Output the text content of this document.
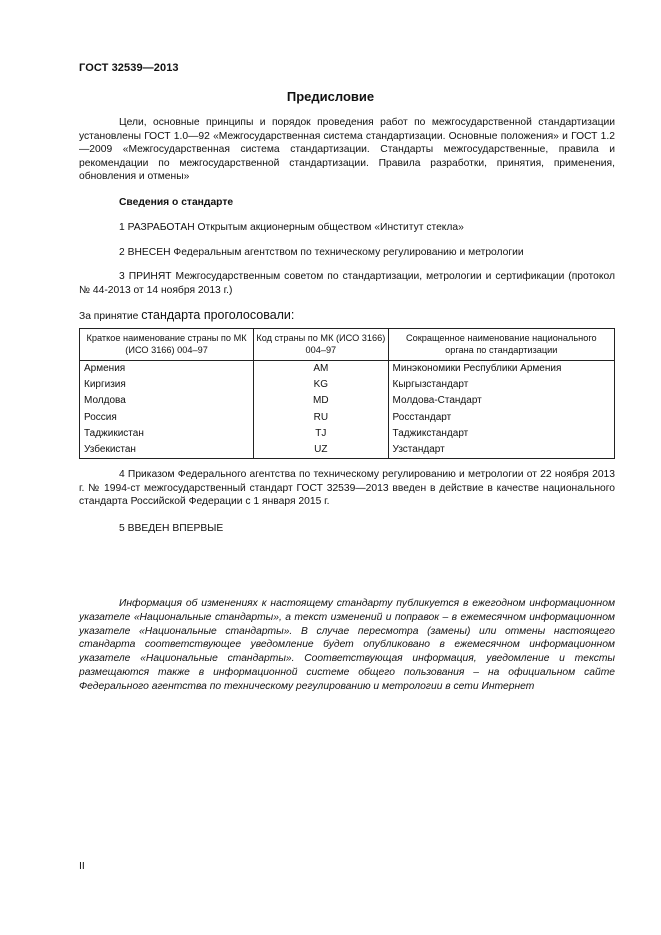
ГОСТ 32539—2013
Предисловие
Цели, основные принципы и порядок проведения работ по межгосударственной стандартизации установлены ГОСТ 1.0—92 «Межгосударственная система стандартизации. Основные положения» и ГОСТ 1.2—2009 «Межгосударственная система стандартизации. Стандарты межгосударственные, правила и рекомендации по межгосударственной стандартизации. Правила разработки, принятия, применения, обновления и отмены»
Сведения о стандарте
1 РАЗРАБОТАН Открытым акционерным обществом «Институт стекла»
2 ВНЕСЕН Федеральным агентством по техническому регулированию и метрологии
3 ПРИНЯТ Межгосударственным советом по стандартизации, метрологии и сертификации (протокол № 44-2013 от 14 ноября 2013 г.)
За принятие стандарта проголосовали:
Краткое наименование страны по МК (ИСО 3166) 004–97	Код страны по МК (ИСО 3166) 004–97	Сокращенное наименование национального органа по стандартизации
Армения	AM	Минэкономики Республики Армения
Киргизия	KG	Кыргызстандарт
Молдова	MD	Молдова-Стандарт
Россия	RU	Росстандарт
Таджикистан	TJ	Таджикстандарт
Узбекистан	UZ	Узстандарт
4 Приказом Федерального агентства по техническому регулированию и метрологии от 22 ноября 2013 г. № 1994-ст межгосударственный стандарт ГОСТ 32539—2013 введен в действие в качестве национального стандарта Российской Федерации с 1 января 2015 г.
5 ВВЕДЕН ВПЕРВЫЕ
Информация об изменениях к настоящему стандарту публикуется в ежегодном информационном указателе «Национальные стандарты», а текст изменений и поправок – в ежемесячном информационном указателе «Национальные стандарты». В случае пересмотра (замены) или отмены настоящего стандарта соответствующее уведомление будет опубликовано в ежемесячном информационном указателе «Национальные стандарты». Соответствующая информация, уведомление и тексты размещаются также в информационной системе общего пользования – на официальном сайте Федерального агентства по техническому регулированию и метрологии в сети Интернет
II
